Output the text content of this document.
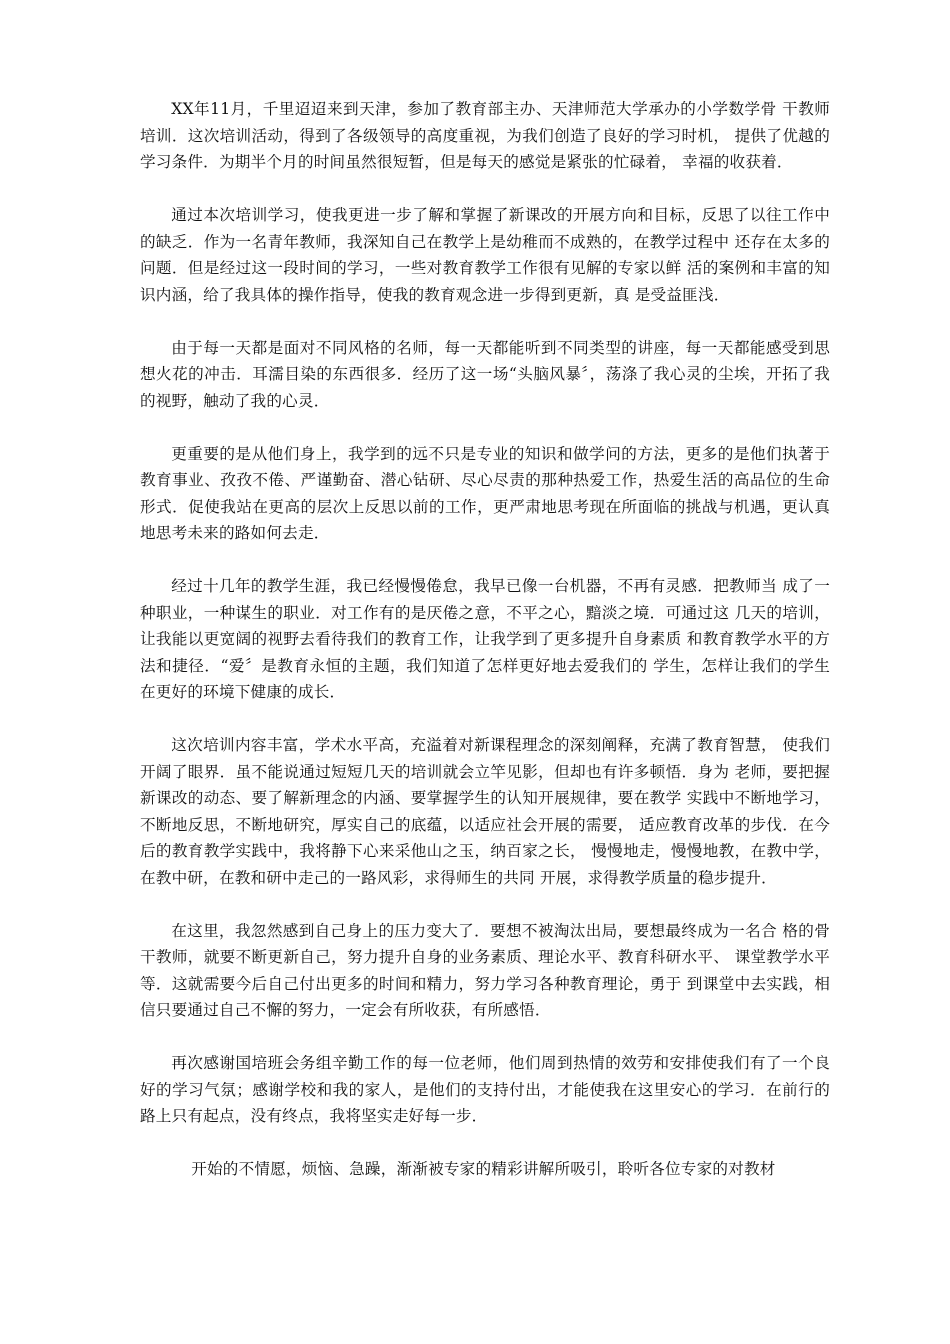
XX年11月，千里迢迢来到天津，参加了教育部主办、天津师范大学承办的小学数学骨 干教师培训．这次培训活动，得到了各级领导的高度重视，为我们创造了良好的学习时机， 提供了优越的学习条件．为期半个月的时间虽然很短暂，但是每天的感觉是紧张的忙碌着， 幸福的收获着．

通过本次培训学习，使我更进一步了解和掌握了新课改的开展方向和目标，反思了以往工作中的缺乏．作为一名青年教师，我深知自己在教学上是幼稚而不成熟的，在教学过程中 还存在太多的问题．但是经过这一段时间的学习，一些对教育教学工作很有见解的专家以鲜 活的案例和丰富的知识内涵，给了我具体的操作指导，使我的教育观念进一步得到更新，真 是受益匪浅．

由于每一天都是面对不同风格的名师，每一天都能听到不同类型的讲座，每一天都能感受到思想火花的冲击．耳濡目染的东西很多．经历了这一场“头脑风暴〞，荡涤了我心灵的尘埃，开拓了我的视野，触动了我的心灵．

更重要的是从他们身上，我学到的远不只是专业的知识和做学问的方法，更多的是他们执著于教育事业、孜孜不倦、严谨勤奋、潜心钻研、尽心尽责的那种热爱工作，热爱生活的高品位的生命形式．促使我站在更高的层次上反思以前的工作，更严肃地思考现在所面临的挑战与机遇，更认真地思考未来的路如何去走．

经过十几年的教学生涯，我已经慢慢倦怠，我早已像一台机器，不再有灵感．把教师当 成了一种职业，一种谋生的职业．对工作有的是厌倦之意，不平之心，黯淡之境．可通过这 几天的培训，让我能以更宽阔的视野去看待我们的教育工作，让我学到了更多提升自身素质 和教育教学水平的方法和捷径．“爱〞是教育永恒的主题，我们知道了怎样更好地去爱我们的 学生，怎样让我们的学生在更好的环境下健康的成长．

这次培训内容丰富，学术水平高，充溢着对新课程理念的深刻阐释，充满了教育智慧， 使我们开阔了眼界．虽不能说通过短短几天的培训就会立竿见影，但却也有许多顿悟．身为 老师，要把握新课改的动态、要了解新理念的内涵、要掌握学生的认知开展规律，要在教学 实践中不断地学习，不断地反思，不断地研究，厚实自己的底蕴，以适应社会开展的需要， 适应教育改革的步伐．在今后的教育教学实践中，我将静下心来采他山之玉，纳百家之长， 慢慢地走，慢慢地教，在教中学，在教中研，在教和研中走己的一路风彩，求得师生的共同 开展，求得教学质量的稳步提升．

在这里，我忽然感到自己身上的压力变大了．要想不被淘汰出局，要想最终成为一名合 格的骨干教师，就要不断更新自己，努力提升自身的业务素质、理论水平、教育科研水平、 课堂教学水平等．这就需要今后自己付出更多的时间和精力，努力学习各种教育理论，勇于 到课堂中去实践，相信只要通过自己不懈的努力，一定会有所收获，有所感悟．

再次感谢国培班会务组辛勤工作的每一位老师，他们周到热情的效劳和安排使我们有了一个良好的学习气氛；感谢学校和我的家人，是他们的支持付出，才能使我在这里安心的学习．在前行的路上只有起点，没有终点，我将坚实走好每一步．

开始的不情愿，烦恼、急躁，渐渐被专家的精彩讲解所吸引，聆听各位专家的对教材
